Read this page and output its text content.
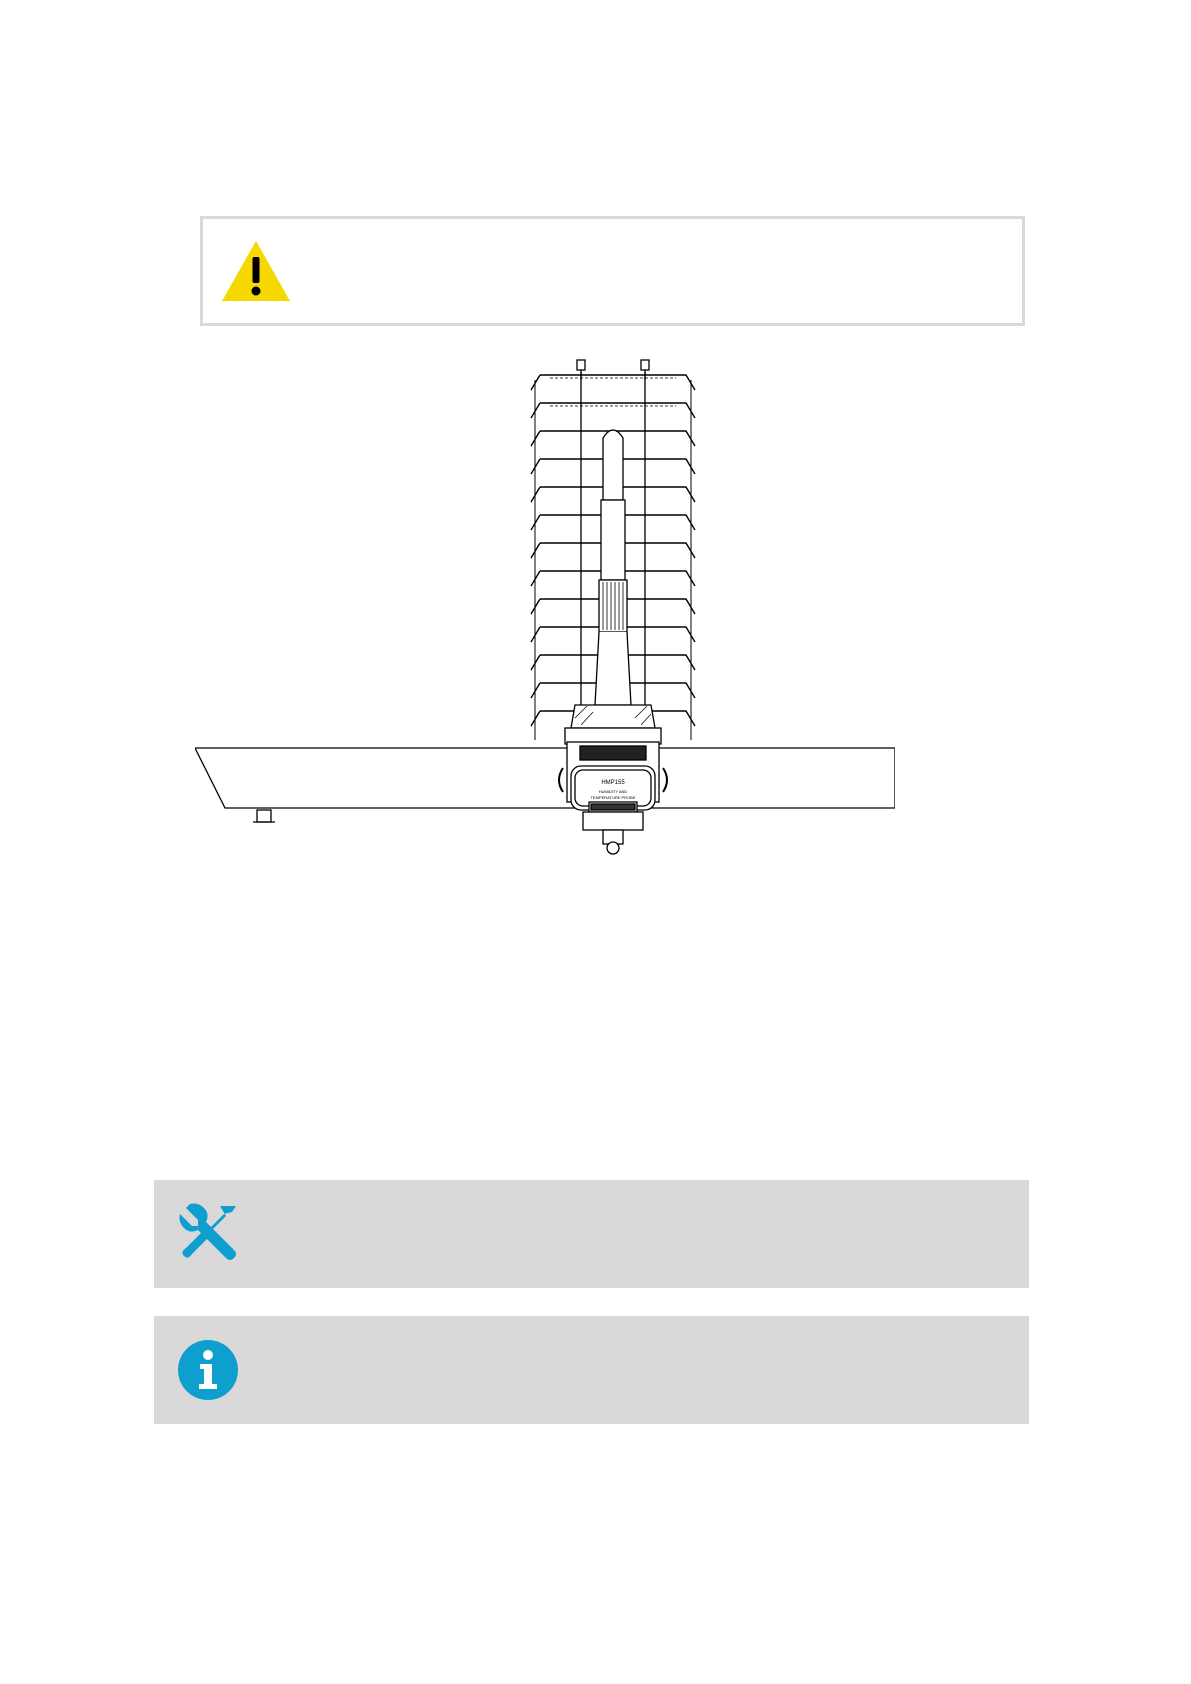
HMP155
HUMIDITY AND
TEMPERATURE PROBE
